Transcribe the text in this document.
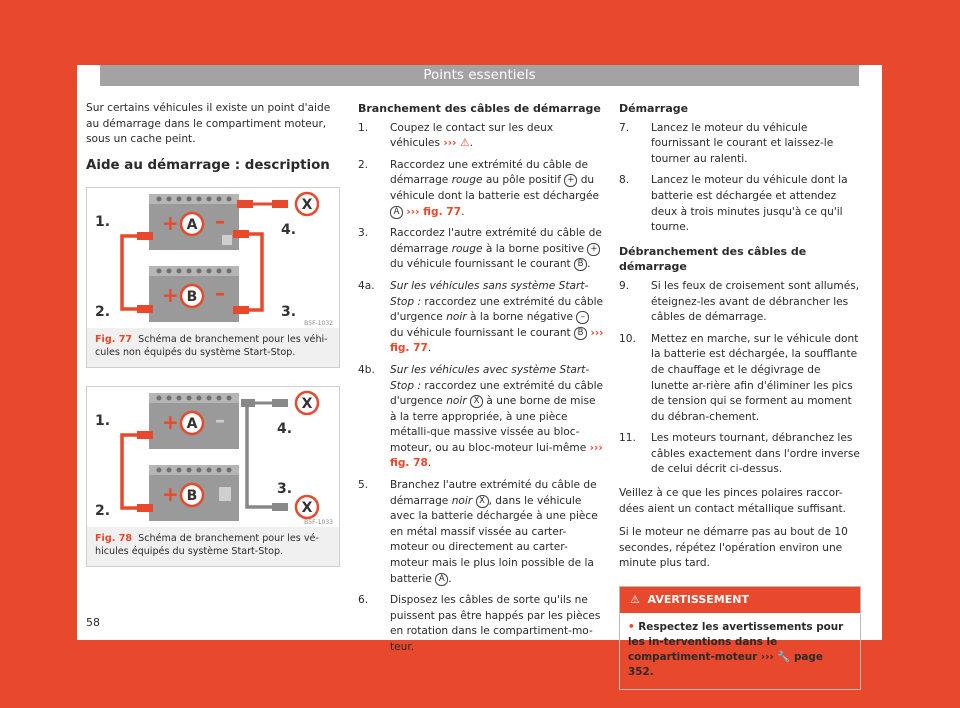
Points essentiels

Sur certains véhicules il existe un point d'aide au démarrage dans le compartiment moteur, sous un cache peint.

Aide au démarrage : description
+ –
A
+ –
B
X
1.
2.	3.
4.
B5F-1032
Fig. 77 Schéma de branchement pour les véhi-cules non équipés du système Start-Stop.
+ –
A
+ B
X
X
1.
2.
3.
4.
B5F-1033
Fig. 78 Schéma de branchement pour les vé-hicules équipés du système Start-Stop.
Branchement des câbles de démarrage
1. Coupez le contact sur les deux véhicules ››› ⚠.
2. Raccordez une extrémité du câble de démarrage rouge au pôle positif + du véhicule dont la batterie est déchargée A ››› fig. 77.
3. Raccordez l'autre extrémité du câble de démarrage rouge à la borne positive + du véhicule fournissant le courant B .
4a. Sur les véhicules sans système Start-Stop : raccordez une extrémité du câble d'urgence noir à la borne négative – du véhicule fournissant le courant B ››› fig. 77.
4b. Sur les véhicules avec système Start-Stop : raccordez une extrémité du câble d'urgence noir X à une borne de mise à la terre appropriée, à une pièce métalli-que massive vissée au bloc-moteur, ou au bloc-moteur lui-même ››› fig. 78.
5. Branchez l'autre extrémité du câble de démarrage noir X , dans le véhicule avec la batterie déchargée à une pièce en métal massif vissée au carter-moteur ou directement au carter-moteur mais le plus loin possible de la batterie A .
6. Disposez les câbles de sorte qu'ils ne puissent pas être happés par les pièces en rotation dans le compartiment-mo-teur.
Démarrage
7. Lancez le moteur du véhicule fournissant le courant et laissez-le tourner au ralenti.
8. Lancez le moteur du véhicule dont la batterie est déchargée et attendez deux à trois minutes jusqu'à ce qu'il tourne.
Débranchement des câbles de démarrage
9. Si les feux de croisement sont allumés, éteignez-les avant de débrancher les câbles de démarrage.
10. Mettez en marche, sur le véhicule dont la batterie est déchargée, la soufflante de chauffage et le dégivrage de lunette ar-rière afin d'éliminer les pics de tension qui se forment au moment du débran-chement.
11. Les moteurs tournant, débranchez les câbles exactement dans l'ordre inverse de celui décrit ci-dessus.

Veillez à ce que les pinces polaires raccor-dées aient un contact métallique suffisant.

Si le moteur ne démarre pas au bout de 10 secondes, répétez l'opération environ une minute plus tard.

⚠ AVERTISSEMENT
• Respectez les avertissements pour les in-terventions dans le compartiment-moteur ››› 🔧 page 352.
58
